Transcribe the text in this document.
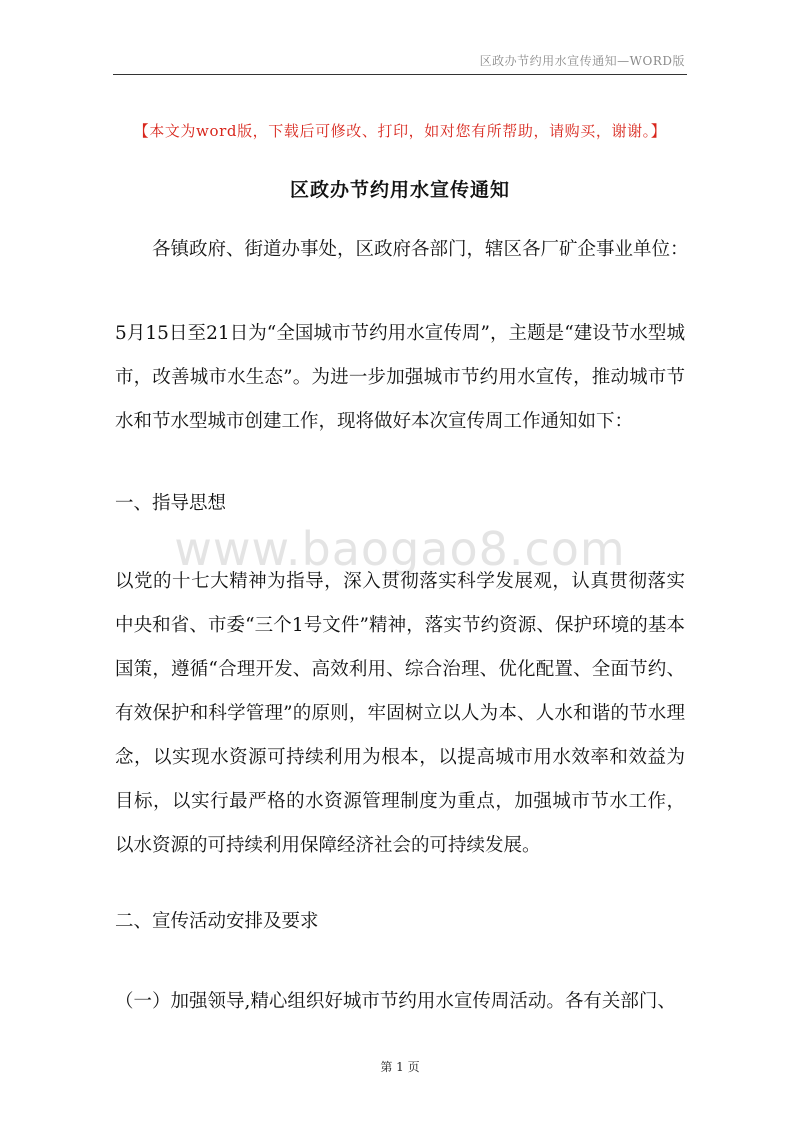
区政办节约用水宣传通知—WORD版
【本文为word版，下载后可修改、打印，如对您有所帮助，请购买，谢谢。】
区政办节约用水宣传通知
各镇政府、街道办事处，区政府各部门，辖区各厂矿企事业单位：
5月15日至21日为“全国城市节约用水宣传周”，主题是“建设节水型城市，改善城市水生态”。为进一步加强城市节约用水宣传，推动城市节水和节水型城市创建工作，现将做好本次宣传周工作通知如下：
一、指导思想
www.baogao8.com
以党的十七大精神为指导，深入贯彻落实科学发展观，认真贯彻落实中央和省、市委“三个1号文件”精神，落实节约资源、保护环境的基本国策，遵循“合理开发、高效利用、综合治理、优化配置、全面节约、有效保护和科学管理”的原则，牢固树立以人为本、人水和谐的节水理念，以实现水资源可持续利用为根本，以提高城市用水效率和效益为目标，以实行最严格的水资源管理制度为重点，加强城市节水工作，以水资源的可持续利用保障经济社会的可持续发展。
二、宣传活动安排及要求
（一）加强领导,精心组织好城市节约用水宣传周活动。各有关部门、
第 1 页
